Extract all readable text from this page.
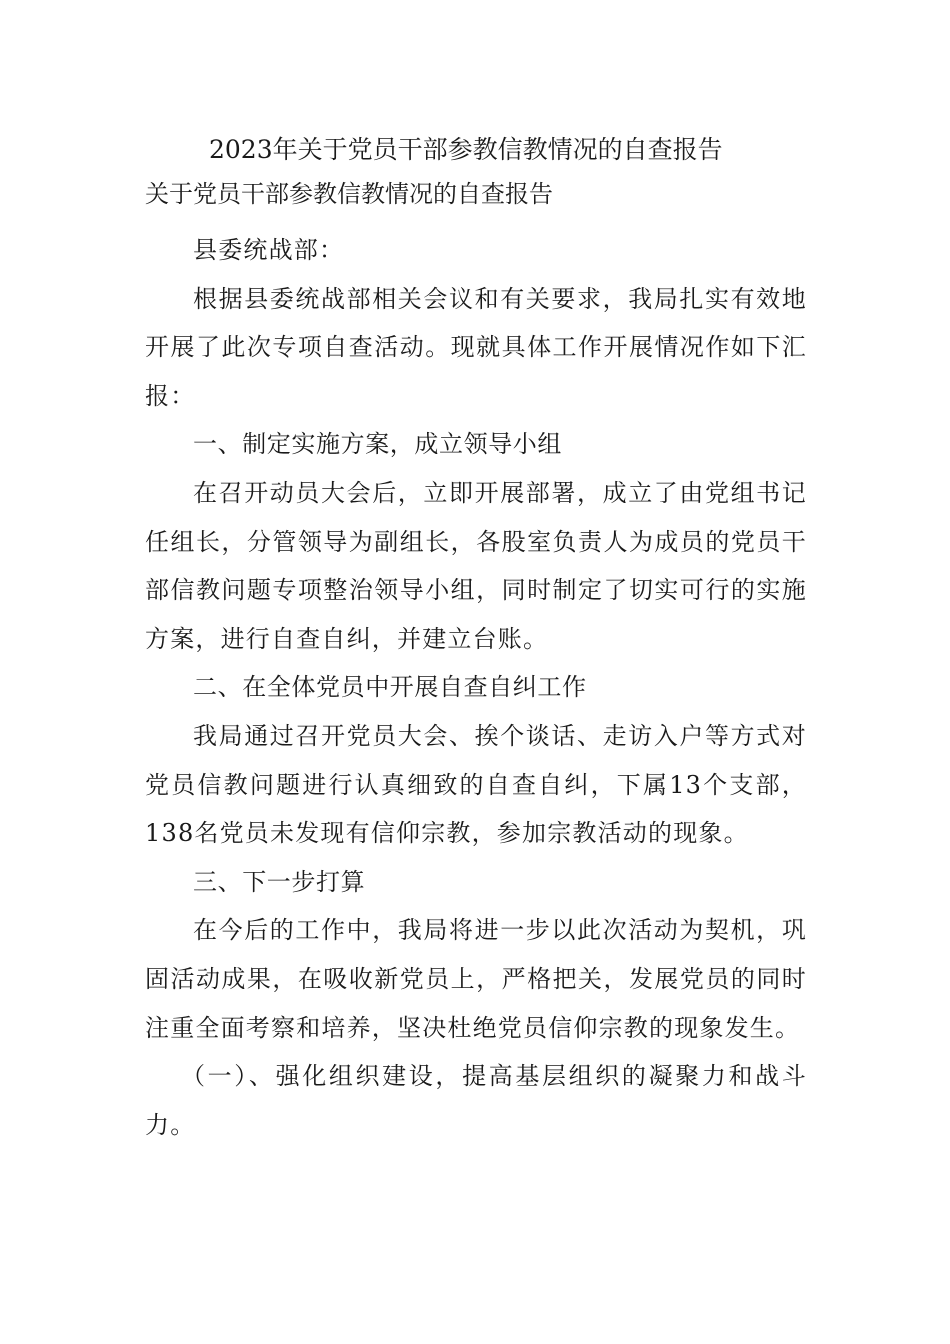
2023年关于党员干部参教信教情况的自查报告

关于党员干部参教信教情况的自查报告

县委统战部：

根据县委统战部相关会议和有关要求，我局扎实有效地开展了此次专项自查活动。现就具体工作开展情况作如下汇报：

一、制定实施方案，成立领导小组

在召开动员大会后，立即开展部署，成立了由党组书记任组长，分管领导为副组长，各股室负责人为成员的党员干部信教问题专项整治领导小组，同时制定了切实可行的实施方案，进行自查自纠，并建立台账。

二、在全体党员中开展自查自纠工作

我局通过召开党员大会、挨个谈话、走访入户等方式对党员信教问题进行认真细致的自查自纠，下属13个支部，138名党员未发现有信仰宗教，参加宗教活动的现象。

三、下一步打算

在今后的工作中，我局将进一步以此次活动为契机，巩固活动成果，在吸收新党员上，严格把关，发展党员的同时注重全面考察和培养，坚决杜绝党员信仰宗教的现象发生。

（一）、强化组织建设，提高基层组织的凝聚力和战斗力。
